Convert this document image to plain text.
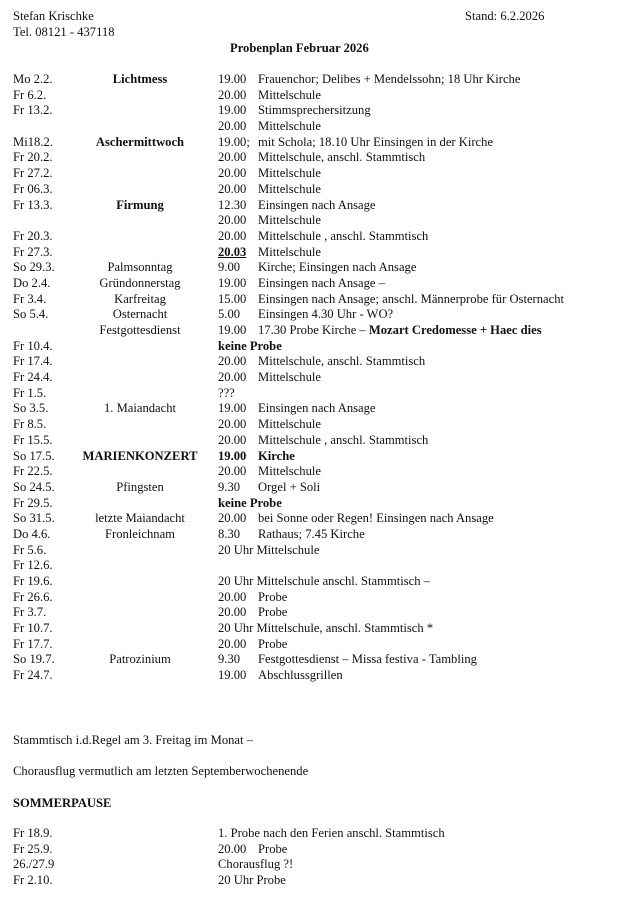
Stefan Krischke
Tel. 08121 - 437118
Stand: 6.2.2026
Probenplan Februar 2026
Mo 2.2.	Lichtmess	19.00 Frauenchor; Delibes + Mendelssohn; 18 Uhr Kirche
Fr 6.2.	20.00 Mittelschule
Fr 13.2.	19.00 Stimmsprechersitzung
20.00 Mittelschule
Mi18.2.	Aschermittwoch	19.00; mit Schola; 18.10 Uhr Einsingen in der Kirche
Fr 20.2.	20.00 Mittelschule, anschl. Stammtisch
Fr 27.2.	20.00 Mittelschule
Fr 06.3.	20.00 Mittelschule
Fr 13.3.	Firmung	12.30 Einsingen nach Ansage
20.00 Mittelschule
Fr 20.3.	20.00 Mittelschule , anschl. Stammtisch
Fr 27.3.	20.03 Mittelschule
So 29.3.	Palmsonntag	9.00 Kirche; Einsingen nach Ansage
Do 2.4.	Gründonnerstag	19.00 Einsingen nach Ansage –
Fr 3.4.	Karfreitag	15.00 Einsingen nach Ansage; anschl. Männerprobe für Osternacht
So 5.4.	Osternacht	5.00 Einsingen 4.30 Uhr - WO?
Festgottesdienst	19.00 17.30 Probe Kirche – Mozart Credomesse + Haec dies
Fr 10.4.	keine Probe
Fr 17.4.	20.00 Mittelschule, anschl. Stammtisch
Fr 24.4.	20.00 Mittelschule
Fr 1.5.	???
So 3.5.	1. Maiandacht	19.00 Einsingen nach Ansage
Fr 8.5.	20.00 Mittelschule
Fr 15.5.	20.00 Mittelschule , anschl. Stammtisch
So 17.5.	MARIENKONZERT	19.00 Kirche
Fr 22.5.	20.00 Mittelschule
So 24.5.	Pfingsten	9.30 Orgel + Soli
Fr 29.5.	keine Probe
So 31.5.	letzte Maiandacht	20.00 bei Sonne oder Regen! Einsingen nach Ansage
Do 4.6.	Fronleichnam	8.30 Rathaus; 7.45 Kirche
Fr 5.6.	20 Uhr Mittelschule
Fr 12.6.
Fr 19.6.	20 Uhr Mittelschule anschl. Stammtisch –
Fr 26.6.	20.00 Probe
Fr 3.7.	20.00 Probe
Fr 10.7.	20 Uhr Mittelschule, anschl. Stammtisch *
Fr 17.7.	20.00 Probe
So 19.7.	Patrozinium	9.30 Festgottesdienst – Missa festiva - Tambling
Fr 24.7.	19.00 Abschlussgrillen
Stammtisch i.d.Regel am 3. Freitag im Monat –
Chorausflug vermutlich am letzten Septemberwochenende
SOMMERPAUSE
Fr 18.9.	1. Probe nach den Ferien anschl. Stammtisch
Fr 25.9.	20.00 Probe
26./27.9	Chorausflug ?!
Fr 2.10.	20 Uhr Probe
